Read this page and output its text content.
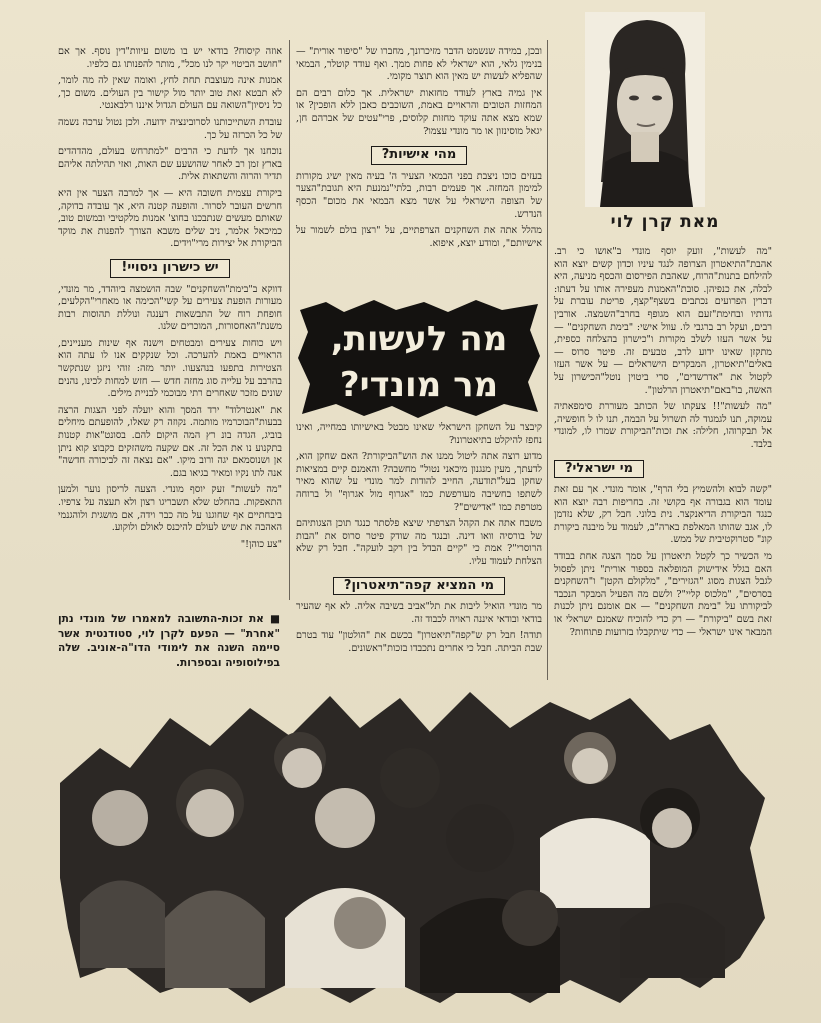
מאת קרן לוי

"מה לעשות", זועק יוסף מונדי ב"אושו כי רב. אהבת"התיאטרון הצרופה לנגד עיניו וכדון קשים יוצא הוא להילחם בתנות"הרוח, שאהבת הפירסום והכסף מניעה, היא לבלה, את כנפיהן. סובת"האמנות מעפירה אותו על דעתו: דברין הפרועים נכתבים בשצף"קצף, פריטת עוברת על גדותיו ובחימת"זעם הוא מגופף בחרב"השמצה. אורבין רבים, ועקל רב ברגבי לו. עוול אישי: "בימת השחקנים" — על אשר העזו לשלב מקורות ו"כישרון בהצלחה כספית, מתקזן שאינו ידוע לרב, טבעים זה. פיטר סרוס — באלים"תיאטרון, המבקרים הישראלים — על אשר העזו לקטול את "אדרשדים", סרי ביטוין נוטל"הכישרון על האשה, בו"באם"תיאטרון הרלטון".

"מה לעשות"!! צעקתו של הכותב מעוררת סימפאתיה עמוקה, תנו לגמגוד לה תשרול על הבמה, תנו לו ל חופשיה, אל תבקרוהו, חלילה: את זכות"הביקורת שמרו לו, למונדי בלבד.

מי ישראלי?

"קשה לבוא ולהשמיץ בלי הרף", אומר מונדי. אך עם זאת עומד הוא בגבורה אף בקושי זה. בחריפות רבה יוצא הוא כנגד הביקורת הדיאנקצר. נית בלוני. חבל רק, שלא נזדמן לו, אגב שהותו המאלפת בארה"ב, לעמוד על מיבנה ביקורת קונ" סטרוקטיבית של ממש.

מי הכשיר כך לקטל תיאטרון על סמך הצגה אחת בבודד האם בגלל אידישוק המופלאה בספור אורית" ניתן לפסול לגבל הצגות מסוג "הגזירים", "מלקולם הקטן" ו"השחקנים בסרסים", "מלכוס קליי"? ולשם מה הפעיל המבקר הנכבד לביקורתו על "בימת השחקנים" — אם אומנם ניתן לכנות זאת בשם "ביקורת" — רק כדי להוכיח שאמנם ישראלי או המבאר אינו ישראלי — כדי שיתקבלו בזרועות פתוחות?

ובכן, במידה שנשמט הדבר מזיכרונך, מחברו של "סיפור אורית" — בנימין גלאי, הוא ישראלי לא פחות ממך. ואף עודד קוטלר, הבמאי שהפליא לעשות יש מאין הוא תוצר מקומי.

אין גמיה בארץ לעודד מחזאות ישראלית. אך כלום רבים הם המחזות הטובים והראויים באמת, השוכבים כאבן ללא הופכין? או שמא מצא אתה עוקד מחזות קלוסים, פרי"עטים של אברהם חן, יגאל מוסינזון או מר מונדי עצמו?

מהי אישיות?

בעזים כוכו ניצבת בפני הבמאי הצעיר ה' בעיה מאין ישיג מקורות למימון המחזה. אך פעמים רבות, בלתי"נמנעת היא תגובת"הצער של הצופה הישראלי על אשר מצא הבמאי את מכום" הכסף הנדרש.

מהלל אתה את השחקנים הצרפתיים, על "רצון בולם לשמור על אישיותם", ומודע יוצא, איפוא.

מה לעשות,
מר מונדי?

קיבצר על השחקן הישראלי שאינו מבטל באישיותו במחייה, ואינו נחפז להיקלט בתיאטרונו?

מדוע רוצה אתה ליטול ממנו את הוש"הביקורת? האם שחקן הוא, לדעתך, מעין מנגנון מיכאני נטול" מחשבה? והאמנם קיים במציאות שחקן בעל"תודעה, החייב להודות למר מונדי על שהוא מאיר לשתפו בחשיבה מעורפשת כמו "אגרוף מול אגרוף" ול ברוחה מטרפת כמו "אדישים"?

משבח אתה את הקהל הצרפתי שיצא פלסתר כנגד תוכן הצגותיהם של בורסיה וואו דינה. ובנגד מה שודק פיטר סרוס את "הבות הרוסרי"? אמת כי "קיים הבדל בין רקב לועקה". חבל רק שלא הצלחת לעמוד עליו.

מי המציא קפה־תיאטרון?

מר מונדי הואיל ליבות את תל"אביב בשיבה אליה. לא אף שהעיר בודאי ובודאי איננה ראויה לכבוד זה.

תודה! חבל רק ש"קפה"תיאטרון" בכשם את "הולטון" עוד בטרם שבת הביתה. חבל כי אחרים נתכבדו בזכות"ראשונים.

אוזה קיסוח? בודאי יש בו משום עיוות"דין נוסף. אך אם "חושב הביטוי יקר לנו מכל", מותר להפנותו גם כלפיו.

אמנות אינה מעוצבת תחת לחץ, ואומה שאין לה מה לומר, לא תבטא זאת טוב יותר מול קישור בין העולים. משום כך, כל ניסיון"השואה עם העולם הגדול איננו רלבאנטי.

עובדת השתייכותנו לסרובינציה ידועה. ולכן נטול ערכה נשמה של כל הכרזה על כך.

נוכחנו אך לדעת כי הרבים "למתרחש בעולם, מהדהדים בארץ זמן רב לאחר שהושעע שם האות, ואזי תהילתה אליהם תדיר והרוה והשתאות אלית.

ביקורת עצמית חשובה היא — אך למרבה הצער אין היא חרשים העובר לסרור. והופעה קטנה היא, אך עובדה בדוקה, שאותם מעשים שנתבכנו בחוצ' אמנות מלקטיבי ובמשום טוב, כמיכאל אלמר, ניב שלים משבא הצורך להפנות את מוקד הביקורת אל יצירות מרי"וידים.

יש כישרון ניסויי!

דווקא ב"בימת"השחקנים" שבה הושמצה ביוהדד, מר מונדי, מעורות הופעת צעירים על קשי"הכימה או מאחרי"הקלעים, חופחת רוח של התבשאות רענגה ונוללת תהוסות רבות משנת"האחסורות, המוכרים שלנו.

ויש כוחות צעירים ומבטחים וישנה אף שינות מעניינים, הראויים באמת להערכה. וכל שנקקים אנו לו עתה הוא הצטירות בתפעו בנהצעוו. יותר מזה: זוהי ניזגן שנתקשר בהרבב על עלייה סוג מחזה חדש — חזש למחות לכינו, נהנים שונים מזכר שאחרים רתי מבוכמי לבניית מילים.

את "אנטרלוד" ירד המסך והוא יועלה לפני הצגות הרצה בבעות"הבוכרמיו מותמה. נקוזה רק שאלו, להופעתם מיחלים בוביג, הגדה בונ רץ המה היקום להם. בסונט"אות קטנות בתקנוע נו את הכל זה. אם שקעה משהזקים כקבוצ קוא ניתן אן ושנוסמאם יגה ורוב מיקו. "אם נצאה זה לביכורה חדשה" אנה לתו נקיו ומאיר בגיאו בגם.

"מה לעשות" זעק יוסף מונדי. הצעה לריסון נוער ולמען התאפקות. בהחלט שלא תשבריגו רצון ולא תעצה על צרפיו. ביבחתיים אף שחוגנו על מה כבר וידה, אם מושגית ולוהגנמי האהבה את שיש לעולם להיכנס לאולם ולוקוע.

"צע כוהן!"

■ את זכות-התשובה למאמרו של מונדי נתן "אחרת" — הפעם לקרן לוי, סטודנטית אשר סיימה השנה את לימודי הדו"ה-אוניב. שלה בפילוסופיה ובספרות.
